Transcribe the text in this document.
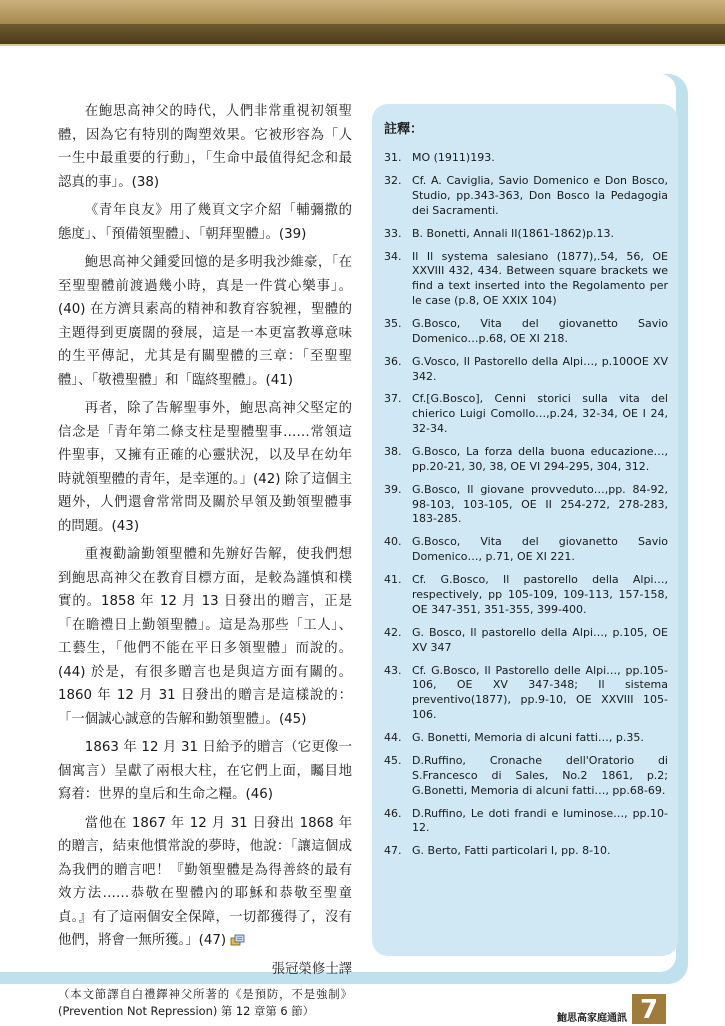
在鮑思高神父的時代，人們非常重視初領聖體，因為它有特別的陶塑效果。它被形容為「人一生中最重要的行動」，「生命中最值得紀念和最認真的事」。(38)

《青年良友》用了幾頁文字介紹「輔彌撒的態度」、「預備領聖體」、「朝拜聖體」。(39)

鮑思高神父鍾愛回憶的是多明我沙維豪，「在至聖聖體前渡過幾小時，真是一件賞心樂事」。(40) 在方濟貝素高的精神和教育容貌裡，聖體的主題得到更廣闊的發展，這是一本更富教導意味的生平傳記，尤其是有關聖體的三章：「至聖聖體」、「敬禮聖體」和「臨終聖體」。(41)

再者，除了告解聖事外，鮑思高神父堅定的信念是「青年第二條支柱是聖體聖事……常領這件聖事，又擁有正確的心靈狀況，以及早在幼年時就領聖體的青年，是幸運的。」(42) 除了這個主題外，人們還會常常問及關於早領及勤領聖體事的問題。(43)

重複勸諭勤領聖體和先辦好告解，使我們想到鮑思高神父在教育目標方面，是較為謹慎和樸實的。1858 年 12 月 13 日發出的贈言，正是「在瞻禮日上勤領聖體」。這是為那些「工人」、工藝生，「他們不能在平日多領聖體」而說的。(44) 於是，有很多贈言也是與這方面有關的。1860 年 12 月 31 日發出的贈言是這樣說的：「一個誠心誠意的告解和勤領聖體」。(45)

1863 年 12 月 31 日給予的贈言（它更像一個寓言）呈獻了兩根大柱，在它們上面，矚目地寫着：世界的皇后和生命之糧。(46)

當他在 1867 年 12 月 31 日發出 1868 年的贈言，結束他慣常說的夢時，他說：「讓這個成為我們的贈言吧！『勤領聖體是為得善終的最有效方法……恭敬在聖體內的耶穌和恭敬至聖童貞。』有了這兩個安全保障，一切都獲得了，沒有他們，將會一無所獲。」(47)

張冠榮修士譯

（本文節譯自白禮鐸神父所著的《是預防，不是強制》(Prevention Not Repression) 第 12 章第 6 節）

註釋：
31. MO (1911)193.
32. Cf. A. Caviglia, Savio Domenico e Don Bosco, Studio, pp.343-363, Don Bosco la Pedagogia dei Sacramenti.
33. B. Bonetti, Annali II(1861-1862)p.13.
34. Il Il systema salesiano (1877),.54, 56, OE XXVIII 432, 434. Between square brackets we find a text inserted into the Regolamento per le case (p.8, OE XXIX 104)
35. G.Bosco, Vita del giovanetto Savio Domenico…p.68, OE XI 218.
36. G.Vosco, Il Pastorello della Alpi…, p.100OE XV 342.
37. Cf.[G.Bosco], Cenni storici sulla vita del chierico Luigi Comollo…,p.24, 32-34, OE I 24, 32-34.
38. G.Bosco, La forza della buona educazione…, pp.20-21, 30, 38, OE VI 294-295, 304, 312.
39. G.Bosco, Il giovane provveduto…,pp. 84-92, 98-103, 103-105, OE II 254-272, 278-283, 183-285.
40. G.Bosco, Vita del giovanetto Savio Domenico…, p.71, OE XI 221.
41. Cf. G.Bosco, Il pastorello della Alpi…, respectively, pp 105-109, 109-113, 157-158, OE 347-351, 351-355, 399-400.
42. G. Bosco, Il pastorello della Alpi…, p.105, OE XV 347
43. Cf. G.Bosco, Il Pastorello delle Alpi…, pp.105-106, OE XV 347-348; Il sistema preventivo(1877), pp.9-10, OE XXVIII 105-106.
44. G. Bonetti, Memoria di alcuni fatti…, p.35.
45. D.Ruffino, Cronache dell'Oratorio di S.Francesco di Sales, No.2 1861, p.2; G.Bonetti, Memoria di alcuni fatti…, pp.68-69.
46. D.Ruffino, Le doti frandi e luminose…, pp.10-12.
47. G. Berto, Fatti particolari I, pp. 8-10.
鮑思高家庭通訊 7
